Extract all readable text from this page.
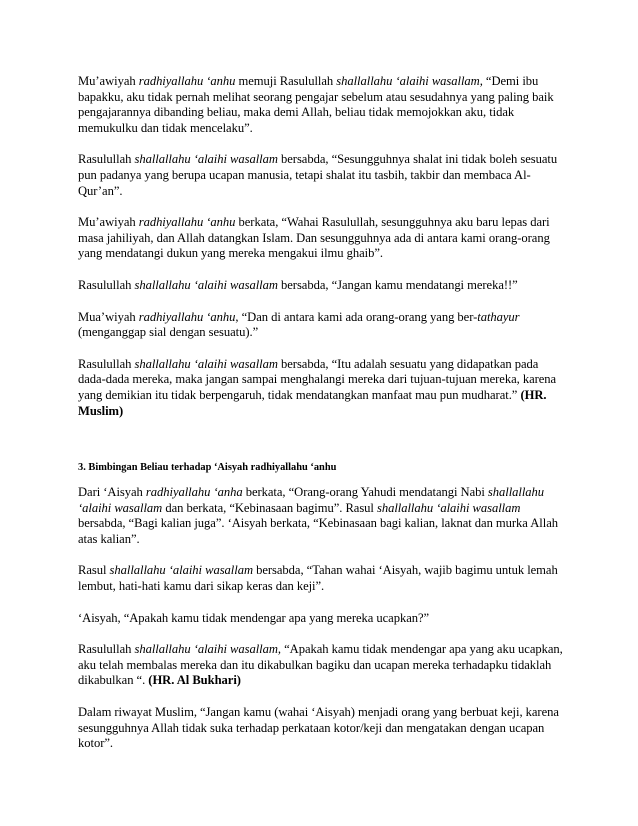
Mu’awiyah radhiyallahu ‘anhu memuji Rasulullah shallallahu ‘alaihi wasallam, “Demi ibu bapakku, aku tidak pernah melihat seorang pengajar sebelum atau sesudahnya yang paling baik pengajarannya dibanding beliau, maka demi Allah, beliau tidak memojokkan aku, tidak memukulku dan tidak mencelaku”.

Rasulullah shallallahu ‘alaihi wasallam bersabda, “Sesungguhnya shalat ini tidak boleh sesuatu pun padanya yang berupa ucapan manusia, tetapi shalat itu tasbih, takbir dan membaca Al-Qur’an”.

Mu’awiyah radhiyallahu ‘anhu berkata, “Wahai Rasulullah, sesungguhnya aku baru lepas dari masa jahiliyah, dan Allah datangkan Islam. Dan sesungguhnya ada di antara kami orang-orang yang mendatangi dukun yang mereka mengakui ilmu ghaib”.

Rasulullah shallallahu ‘alaihi wasallam bersabda, “Jangan kamu mendatangi mereka!!”

Mua’wiyah radhiyallahu ‘anhu, “Dan di antara kami ada orang-orang yang ber-tathayur (menganggap sial dengan sesuatu).”

Rasulullah shallallahu ‘alaihi wasallam bersabda, “Itu adalah sesuatu yang didapatkan pada dada-dada mereka, maka jangan sampai menghalangi mereka dari tujuan-tujuan mereka, karena yang demikian itu tidak berpengaruh, tidak mendatangkan manfaat mau pun mudharat.” (HR. Muslim)

3. Bimbingan Beliau terhadap ‘Aisyah radhiyallahu ‘anhu

Dari ‘Aisyah radhiyallahu ‘anha berkata, “Orang-orang Yahudi mendatangi Nabi shallallahu ‘alaihi wasallam dan berkata, “Kebinasaan bagimu”. Rasul shallallahu ‘alaihi wasallam bersabda, “Bagi kalian juga”. ‘Aisyah berkata, “Kebinasaan bagi kalian, laknat dan murka Allah atas kalian”.

Rasul shallallahu ‘alaihi wasallam bersabda, “Tahan wahai ‘Aisyah, wajib bagimu untuk lemah lembut, hati-hati kamu dari sikap keras dan keji”.

‘Aisyah, “Apakah kamu tidak mendengar apa yang mereka ucapkan?”

Rasulullah shallallahu ‘alaihi wasallam, “Apakah kamu tidak mendengar apa yang aku ucapkan, aku telah membalas mereka dan itu dikabulkan bagiku dan ucapan mereka terhadapku tidaklah dikabulkan “. (HR. Al Bukhari)

Dalam riwayat Muslim, “Jangan kamu (wahai ‘Aisyah) menjadi orang yang berbuat keji, karena sesungguhnya Allah tidak suka terhadap perkataan kotor/keji dan mengatakan dengan ucapan kotor”.
